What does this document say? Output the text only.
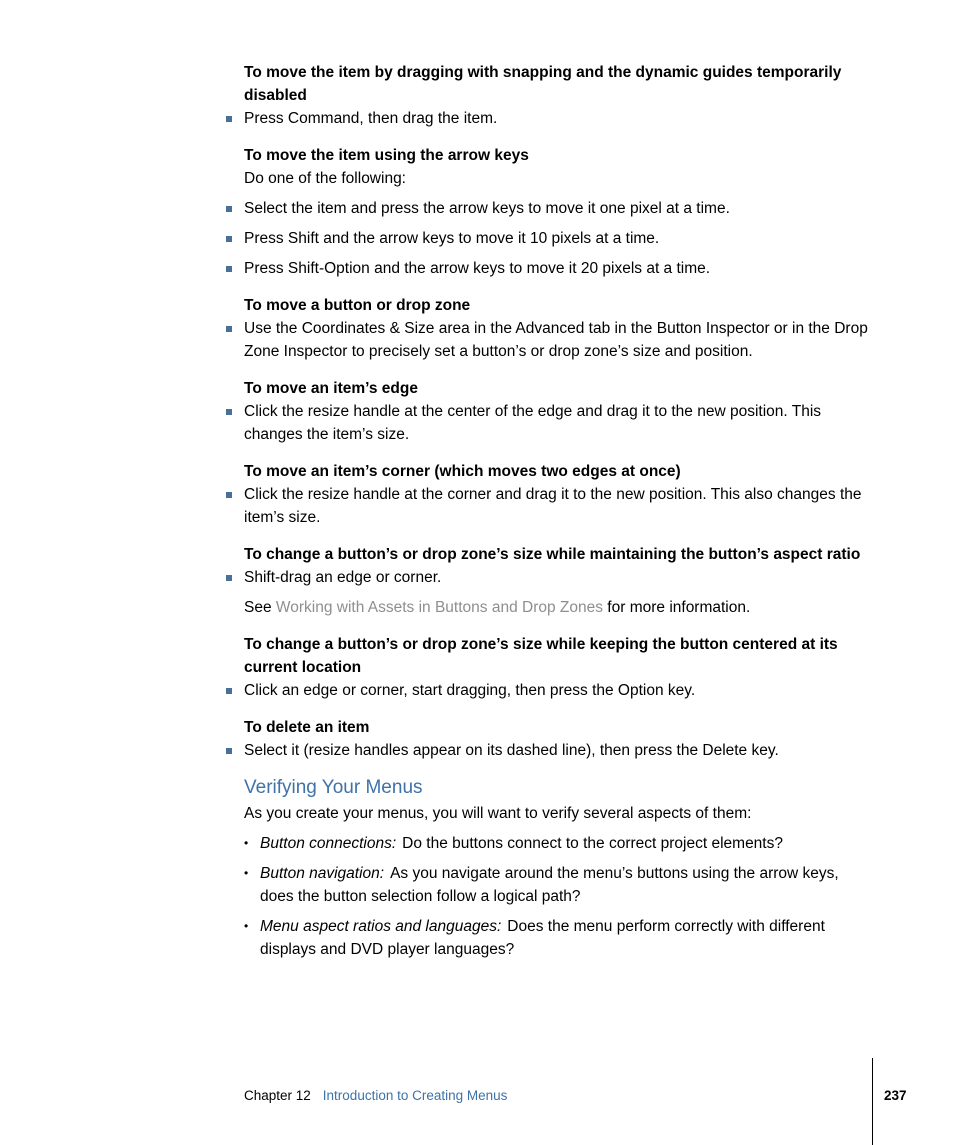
To move the item by dragging with snapping and the dynamic guides temporarily disabled

Press Command, then drag the item.

To move the item using the arrow keys

Do one of the following:

Select the item and press the arrow keys to move it one pixel at a time.

Press Shift and the arrow keys to move it 10 pixels at a time.

Press Shift-Option and the arrow keys to move it 20 pixels at a time.

To move a button or drop zone

Use the Coordinates & Size area in the Advanced tab in the Button Inspector or in the Drop Zone Inspector to precisely set a button’s or drop zone’s size and position.

To move an item’s edge

Click the resize handle at the center of the edge and drag it to the new position. This changes the item’s size.

To move an item’s corner (which moves two edges at once)

Click the resize handle at the corner and drag it to the new position. This also changes the item’s size.

To change a button’s or drop zone’s size while maintaining the button’s aspect ratio

Shift-drag an edge or corner.

See Working with Assets in Buttons and Drop Zones for more information.

To change a button’s or drop zone’s size while keeping the button centered at its current location

Click an edge or corner, start dragging, then press the Option key.

To delete an item

Select it (resize handles appear on its dashed line), then press the Delete key.

Verifying Your Menus

As you create your menus, you will want to verify several aspects of them:

• Button connections: Do the buttons connect to the correct project elements?
• Button navigation: As you navigate around the menu’s buttons using the arrow keys, does the button selection follow a logical path?
• Menu aspect ratios and languages: Does the menu perform correctly with different displays and DVD player languages?
Chapter 12 Introduction to Creating Menus	237
